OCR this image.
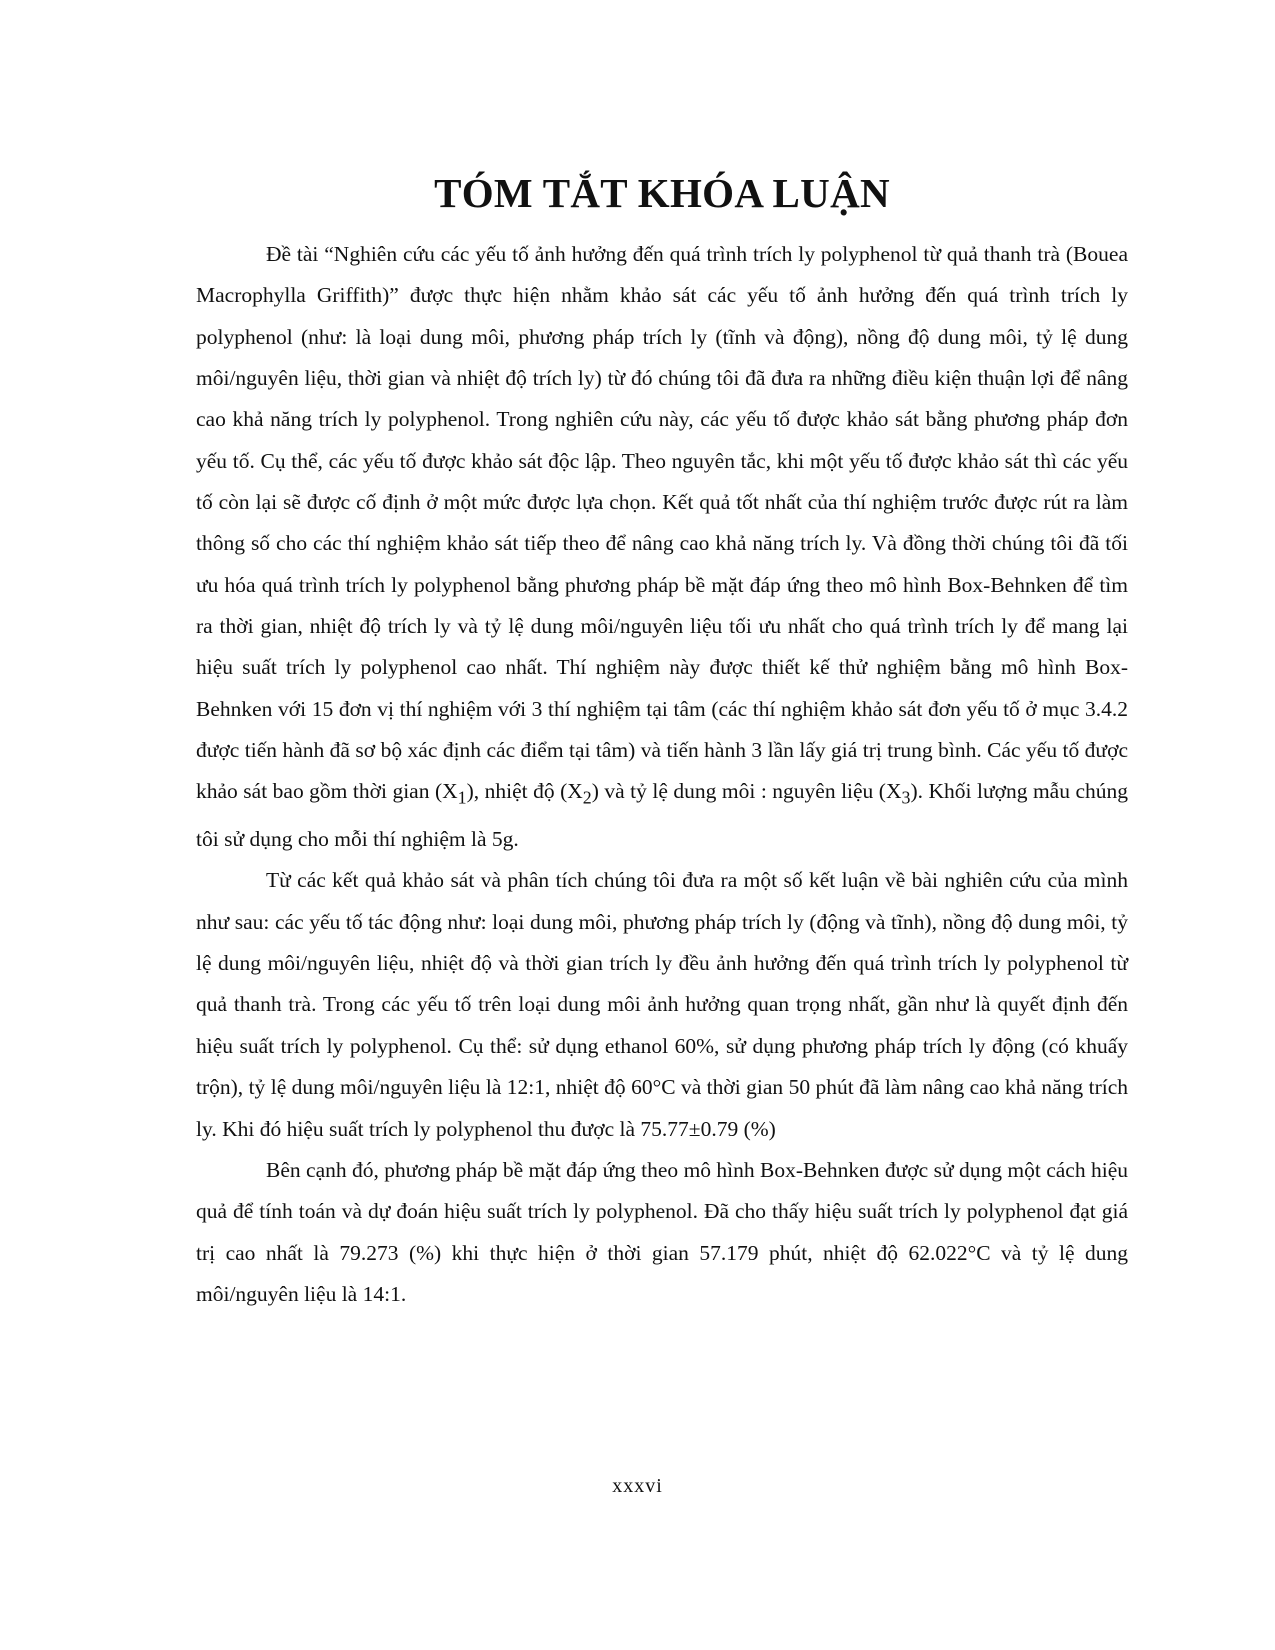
TÓM TẮT KHÓA LUẬN

Đề tài “Nghiên cứu các yếu tố ảnh hưởng đến quá trình trích ly polyphenol từ quả thanh trà (Bouea Macrophylla Griffith)” được thực hiện nhằm khảo sát các yếu tố ảnh hưởng đến quá trình trích ly polyphenol (như: là loại dung môi, phương pháp trích ly (tĩnh và động), nồng độ dung môi, tỷ lệ dung môi/nguyên liệu, thời gian và nhiệt độ trích ly) từ đó chúng tôi đã đưa ra những điều kiện thuận lợi để nâng cao khả năng trích ly polyphenol. Trong nghiên cứu này, các yếu tố được khảo sát bằng phương pháp đơn yếu tố. Cụ thể, các yếu tố được khảo sát độc lập. Theo nguyên tắc, khi một yếu tố được khảo sát thì các yếu tố còn lại sẽ được cố định ở một mức được lựa chọn. Kết quả tốt nhất của thí nghiệm trước được rút ra làm thông số cho các thí nghiệm khảo sát tiếp theo để nâng cao khả năng trích ly. Và đồng thời chúng tôi đã tối ưu hóa quá trình trích ly polyphenol bằng phương pháp bề mặt đáp ứng theo mô hình Box-Behnken để tìm ra thời gian, nhiệt độ trích ly và tỷ lệ dung môi/nguyên liệu tối ưu nhất cho quá trình trích ly để mang lại hiệu suất trích ly polyphenol cao nhất. Thí nghiệm này được thiết kế thử nghiệm bằng mô hình Box-Behnken với 15 đơn vị thí nghiệm với 3 thí nghiệm tại tâm (các thí nghiệm khảo sát đơn yếu tố ở mục 3.4.2 được tiến hành đã sơ bộ xác định các điểm tại tâm) và tiến hành 3 lần lấy giá trị trung bình. Các yếu tố được khảo sát bao gồm thời gian $(X_1)$, nhiệt độ $(X_2)$ và tỷ lệ dung môi : nguyên liệu $(X_3)$. Khối lượng mẫu chúng tôi sử dụng cho mỗi thí nghiệm là 5g.

Từ các kết quả khảo sát và phân tích chúng tôi đưa ra một số kết luận về bài nghiên cứu của mình như sau: các yếu tố tác động như: loại dung môi, phương pháp trích ly (động và tĩnh), nồng độ dung môi, tỷ lệ dung môi/nguyên liệu, nhiệt độ và thời gian trích ly đều ảnh hưởng đến quá trình trích ly polyphenol từ quả thanh trà. Trong các yếu tố trên loại dung môi ảnh hưởng quan trọng nhất, gần như là quyết định đến hiệu suất trích ly polyphenol. Cụ thể: sử dụng ethanol 60%, sử dụng phương pháp trích ly động (có khuấy trộn), tỷ lệ dung môi/nguyên liệu là 12:1, nhiệt độ 60°C và thời gian 50 phút đã làm nâng cao khả năng trích ly. Khi đó hiệu suất trích ly polyphenol thu được là 75.77±0.79 (%)

Bên cạnh đó, phương pháp bề mặt đáp ứng theo mô hình Box-Behnken được sử dụng một cách hiệu quả để tính toán và dự đoán hiệu suất trích ly polyphenol. Đã cho thấy hiệu suất trích ly polyphenol đạt giá trị cao nhất là 79.273 (%) khi thực hiện ở thời gian 57.179 phút, nhiệt độ 62.022°C và tỷ lệ dung môi/nguyên liệu là 14:1.

xxxvi
